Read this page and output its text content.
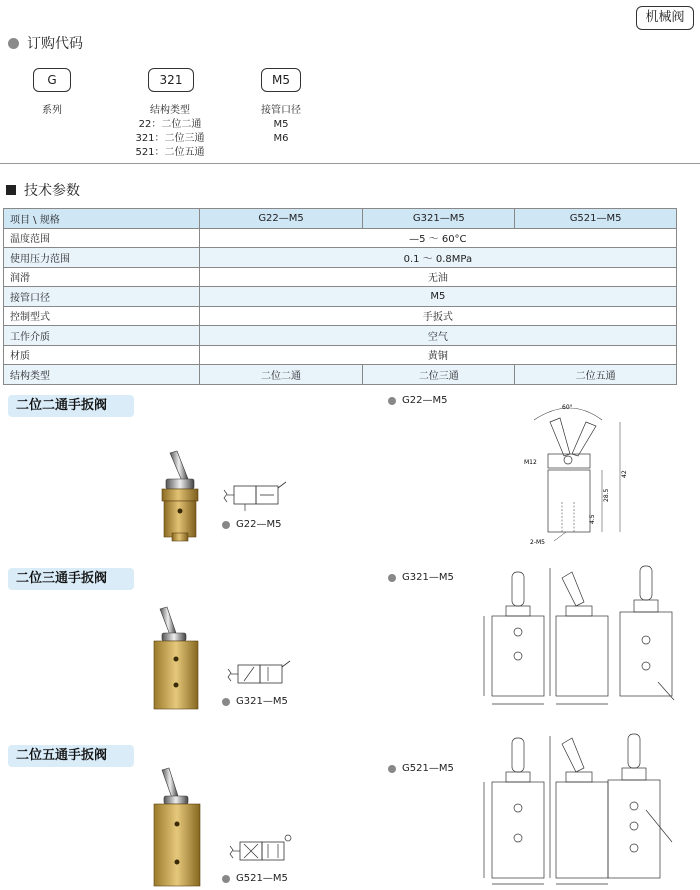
机械阀
订购代码
G
系列
321
结构类型
22：二位二通
321：二位三通
521：二位五通
M5
接管口径
M5
M6
技术参数
项目 \ 规格	G22—M5	G321—M5	G521—M5
温度范围	—5 ～ 60°C		
使用压力范围	0.1 ～ 0.8MPa		
润滑	无油		
接管口径	M5		
控制型式	手扳式		
工作介质	空气		
材质	黄铜		
结构类型	二位二通	二位三通	二位五通
二位二通手扳阀
G22—M5
G22—M5
60°
M12
28.5
42
4.5
2-M5
二位三通手扳阀
G321—M5
G321—M5
二位五通手扳阀
G521—M5
G521—M5
